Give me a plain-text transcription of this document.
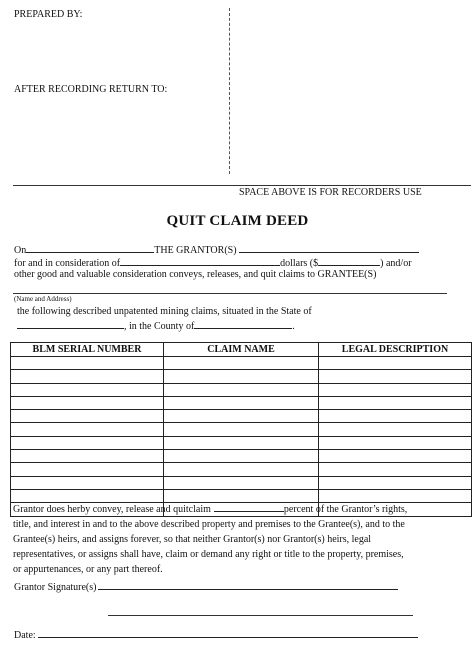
PREPARED BY:
AFTER RECORDING RETURN TO:
SPACE ABOVE IS FOR RECORDERS USE
QUIT CLAIM DEED
On	THE GRANTOR(S)
for and in consideration of	dollars ($	) and/or
other good and valuable consideration conveys, releases, and quit claims to GRANTEE(S)
(Name and Address)
the following described unpatented mining claims, situated in the State of
, in the County of	.
BLM SERIAL NUMBER	CLAIM NAME	LEGAL DESCRIPTION

Grantor does herby convey, release and quitclaim	percent of the Grantor’s rights,
title, and interest in and to the above described property and premises to the Grantee(s), and to the
Grantee(s) heirs, and assigns forever, so that neither Grantor(s) nor Grantor(s) heirs, legal
representatives, or assigns shall have, claim or demand any right or title to the property, premises,
or appurtenances, or any part thereof.
Grantor Signature(s)
Date:
